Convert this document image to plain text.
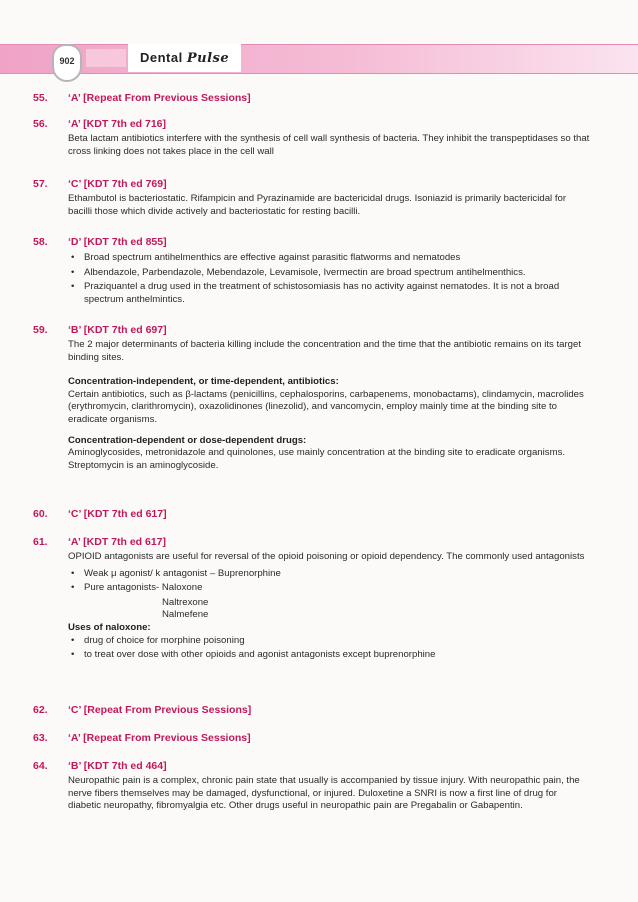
902	Dental Pulse
55. ‘A’ [Repeat From Previous Sessions]
56. ‘A’ [KDT 7th ed 716]
Beta lactam antibiotics interfere with the synthesis of cell wall synthesis of bacteria. They inhibit the transpeptidases so that cross linking does not takes place in the cell wall
57. ‘C’ [KDT 7th ed 769]
Ethambutol is bacteriostatic. Rifampicin and Pyrazinamide are bactericidal drugs. Isoniazid is primarily bactericidal for bacilli those which divide actively and bacteriostatic for resting bacilli.
58. ‘D’ [KDT 7th ed 855]
• Broad spectrum antihelmenthics are effective against parasitic flatworms and nematodes
• Albendazole, Parbendazole, Mebendazole, Levamisole, Ivermectin are broad spectrum antihelmenthics.
• Praziquantel a drug used in the treatment of schistosomiasis has no activity against nematodes. It is not a broad spectrum anthelmintics.
59. ‘B’ [KDT 7th ed 697]
The 2 major determinants of bacteria killing include the concentration and the time that the antibiotic remains on its target binding sites.
Concentration-independent, or time-dependent, antibiotics:
Certain antibiotics, such as β-lactams (penicillins, cephalosporins, carbapenems, monobactams), clindamycin, macrolides (erythromycin, clarithromycin), oxazolidinones (linezolid), and vancomycin, employ mainly time at the binding site to eradicate organisms.
Concentration-dependent or dose-dependent drugs:
Aminoglycosides, metronidazole and quinolones, use mainly concentration at the binding site to eradicate organisms. Streptomycin is an aminoglycoside.
60. ‘C’ [KDT 7th ed 617]
61. ‘A’ [KDT 7th ed 617]
OPIOID antagonists are useful for reversal of the opioid poisoning or opioid dependency. The commonly used antagonists
• Weak μ agonist/ k antagonist – Buprenorphine
• Pure antagonists- Naloxone
Naltrexone
Nalmefene
Uses of naloxone:
• drug of choice for morphine poisoning
• to treat over dose with other opioids and agonist antagonists except buprenorphine
62. ‘C’ [Repeat From Previous Sessions]
63. ‘A’ [Repeat From Previous Sessions]
64. ‘B’ [KDT 7th ed 464]
Neuropathic pain is a complex, chronic pain state that usually is accompanied by tissue injury. With neuropathic pain, the nerve fibers themselves may be damaged, dysfunctional, or injured. Duloxetine a SNRI is now a first line of drug for diabetic neuropathy, fibromyalgia etc. Other drugs useful in neuropathic pain are Pregabalin or Gabapentin.
